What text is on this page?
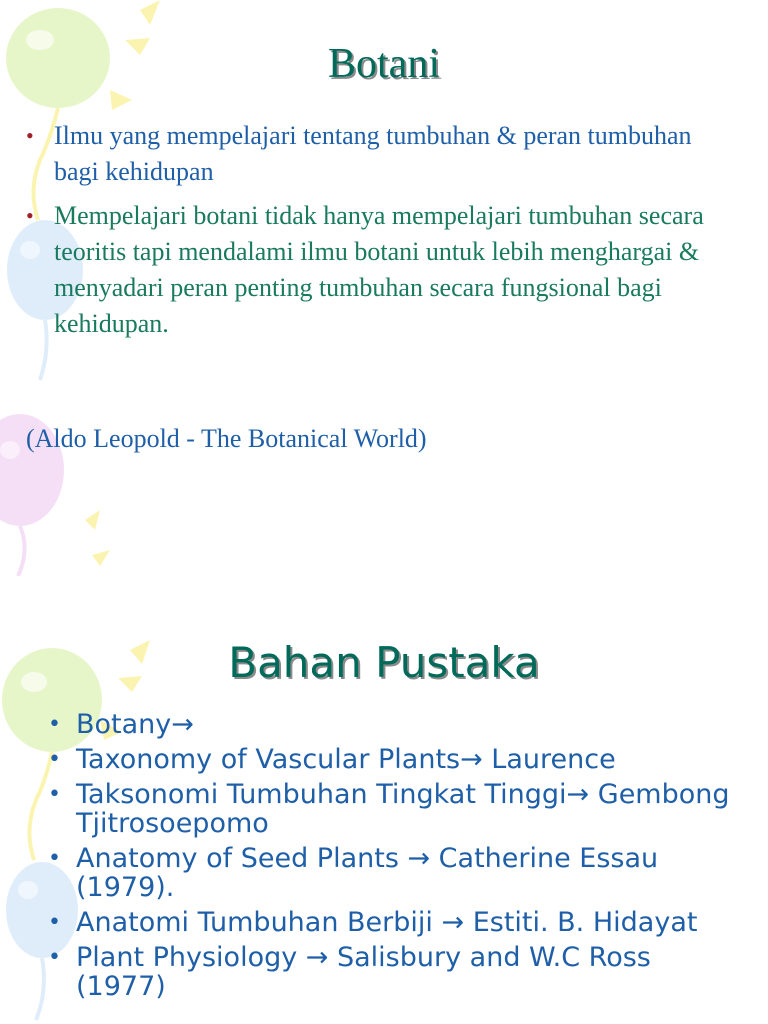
Botani
• Ilmu yang mempelajari tentang tumbuhan & peran tumbuhan bagi kehidupan
• Mempelajari botani tidak hanya mempelajari tumbuhan secara teoritis tapi mendalami ilmu botani untuk lebih menghargai & menyadari peran penting tumbuhan secara fungsional bagi kehidupan.
(Aldo Leopold - The Botanical World)
Bahan Pustaka
• Botany→
• Taxonomy of Vascular Plants→ Laurence
• Taksonomi Tumbuhan Tingkat Tinggi→ Gembong Tjitrosoepomo
• Anatomy of Seed Plants → Catherine Essau (1979).
• Anatomi Tumbuhan Berbiji → Estiti. B. Hidayat
• Plant Physiology → Salisbury and W.C Ross (1977)
